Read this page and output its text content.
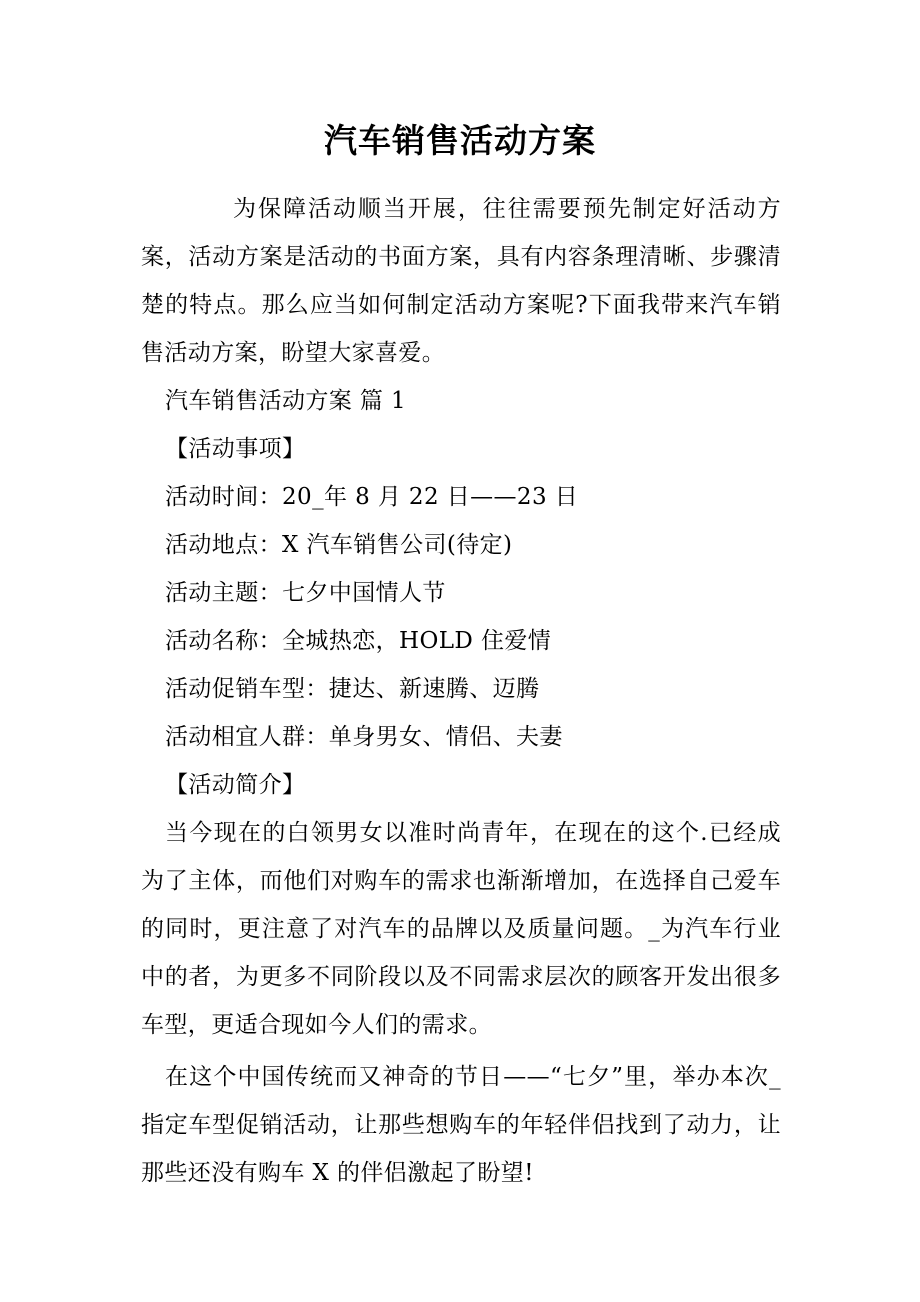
汽车销售活动方案

为保障活动顺当开展，往往需要预先制定好活动方案，活动方案是活动的书面方案，具有内容条理清晰、步骤清楚的特点。那么应当如何制定活动方案呢?下面我带来汽车销售活动方案，盼望大家喜爱。

汽车销售活动方案 篇 1

【活动事项】

活动时间：20_年 8 月 22 日——23 日

活动地点：X 汽车销售公司(待定)

活动主题：七夕中国情人节

活动名称：全城热恋，HOLD 住爱情

活动促销车型：捷达、新速腾、迈腾

活动相宜人群：单身男女、情侣、夫妻

【活动简介】

当今现在的白领男女以准时尚青年，在现在的这个.已经成为了主体，而他们对购车的需求也渐渐增加，在选择自己爱车的同时，更注意了对汽车的品牌以及质量问题。_为汽车行业中的者，为更多不同阶段以及不同需求层次的顾客开发出很多车型，更适合现如今人们的需求。

在这个中国传统而又神奇的节日——“七夕”里，举办本次_指定车型促销活动，让那些想购车的年轻伴侣找到了动力，让那些还没有购车 X 的伴侣激起了盼望!
